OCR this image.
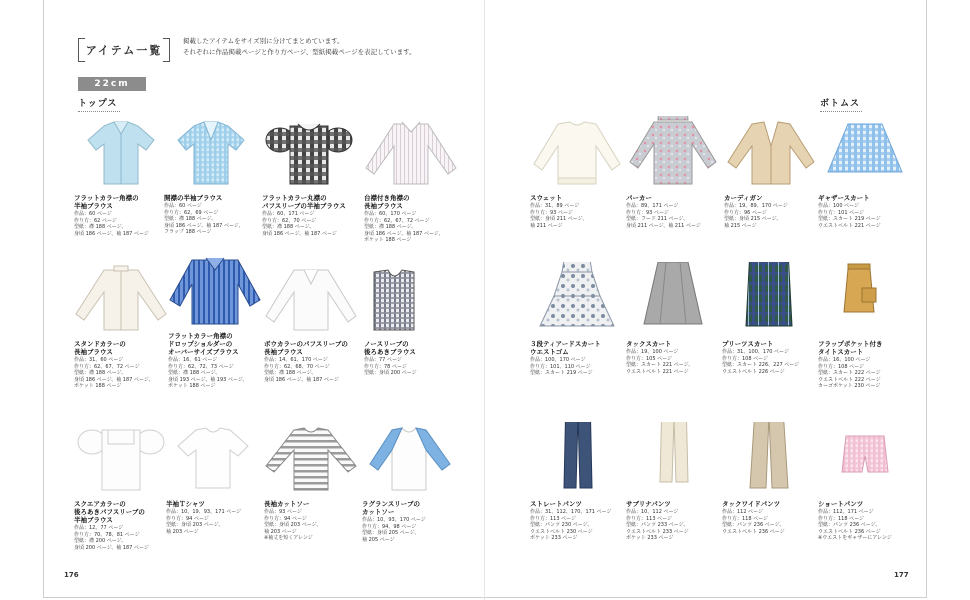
アイテム一覧
掲載したアイテムをサイズ別に分けてまとめています。
それぞれに作品掲載ページと作り方ページ、型紙掲載ページを表記しています。
22cm
トップス	ボトムス
フラットカラー角襟の
半袖ブラウス
作品：60 ページ
作り方：62 ページ
型紙：襟 188 ページ、
身頃 186 ページ、袖 187 ページ
開襟の半袖ブラウス
作品：60 ページ
作り方：62、69 ページ
型紙：襟 188 ページ、
身頃 186 ページ、袖 187 ページ、
フラップ 188 ページ
フラットカラー丸襟の
パフスリーブの半袖ブラウス
作品：60、171 ページ
作り方：62、70 ページ
型紙：襟 188 ページ、
身頃 186 ページ、袖 187 ページ
台襟付き角襟の
長袖ブラウス
作品：60、170 ページ
作り方：62、67、72 ページ
型紙：襟 188 ページ、
身頃 186 ページ、袖 187 ページ、
ポケット 188 ページ
スタンドカラーの
長袖ブラウス
作品：31、60 ページ
作り方：62、67、72 ページ
型紙：襟 188 ページ、
身頃 186 ページ、袖 187 ページ、
ポケット 188 ページ
フラットカラー角襟の
ドロップショルダーの
オーバーサイズブラウス
作品：16、61 ページ
作り方：62、72、73 ページ
型紙：襟 188 ページ、
身頃 193 ページ、袖 193 ページ、
ポケット 188 ページ
ボウカラーのパフスリーブの
長袖ブラウス
作品：14、61、170 ページ
作り方：62、68、70 ページ
型紙：襟 188 ページ、
身頃 186 ページ、袖 187 ページ
ノースリーブの
後ろあきブラウス
作品：77 ページ
作り方：78 ページ
型紙：身頃 200 ページ
スクエアカラーの
後ろあきパフスリーブの
半袖ブラウス
作品：12、77 ページ
作り方：70、78、81 ページ
型紙：襟 200 ページ、
身頃 200 ページ、袖 187 ページ
半袖Ｔシャツ
作品：10、19、93、171 ページ
作り方：94 ページ
型紙：身頃 203 ページ、
袖 203 ページ
長袖カットソー
作品：93 ページ
作り方：94 ページ
型紙：身頃 203 ページ、
袖 203 ページ
※袖丈を短くアレンジ
ラグランスリーブの
カットソー
作品：10、93、170 ページ
作り方：94、98 ページ
型紙：身頃 205 ページ、
袖 205 ページ
スウェット
作品：31、89 ページ
作り方：93 ページ
型紙：身頃 211 ページ、
袖 211 ページ
パーカー
作品：89、171 ページ
作り方：93 ページ
型紙：フード 211 ページ、
身頃 211 ページ、袖 211 ページ
カーディガン
作品：19、89、170 ページ
作り方：96 ページ
型紙：身頃 215 ページ、
袖 215 ページ
ギャザースカート
作品：100 ページ
作り方：101 ページ
型紙：スカート 219 ページ
ウエストベルト 221 ページ
３段ティアードスカート
ウエストゴム
作品：100、170 ページ
作り方：101、110 ページ
型紙：スカート 219 ページ
タックスカート
作品：19、100 ページ
作り方：105 ページ
型紙：スカート 221 ページ、
ウエストベルト 221 ページ
プリーツスカート
作品：31、100、170 ページ
作り方：108 ページ
型紙：スカート 226、227 ページ
ウエストベルト 226 ページ
フラップポケット付き
タイトスカート
作品：16、100 ページ
作り方：108 ページ
型紙：スカート 222 ページ
ウエストベルト 222 ページ
カーゴポケット 230 ページ
ストレートパンツ
作品：31、112、170、171 ページ
作り方：113 ページ
型紙：パンツ 230 ページ、
ウエストベルト 230 ページ
ポケット 233 ページ
サブリナパンツ
作品：10、112 ページ
作り方：113 ページ
型紙：パンツ 233 ページ、
ウエストベルト 233 ページ
ポケット 233 ページ
タックワイドパンツ
作品：112 ページ
作り方：118 ページ
型紙：パンツ 236 ページ、
ウエストベルト 236 ページ
ショートパンツ
作品：112、171 ページ
作り方：118 ページ
型紙：パンツ 236 ページ、
ウエストベルト 236 ページ
※ウエストをギャザーにアレンジ
176	177
